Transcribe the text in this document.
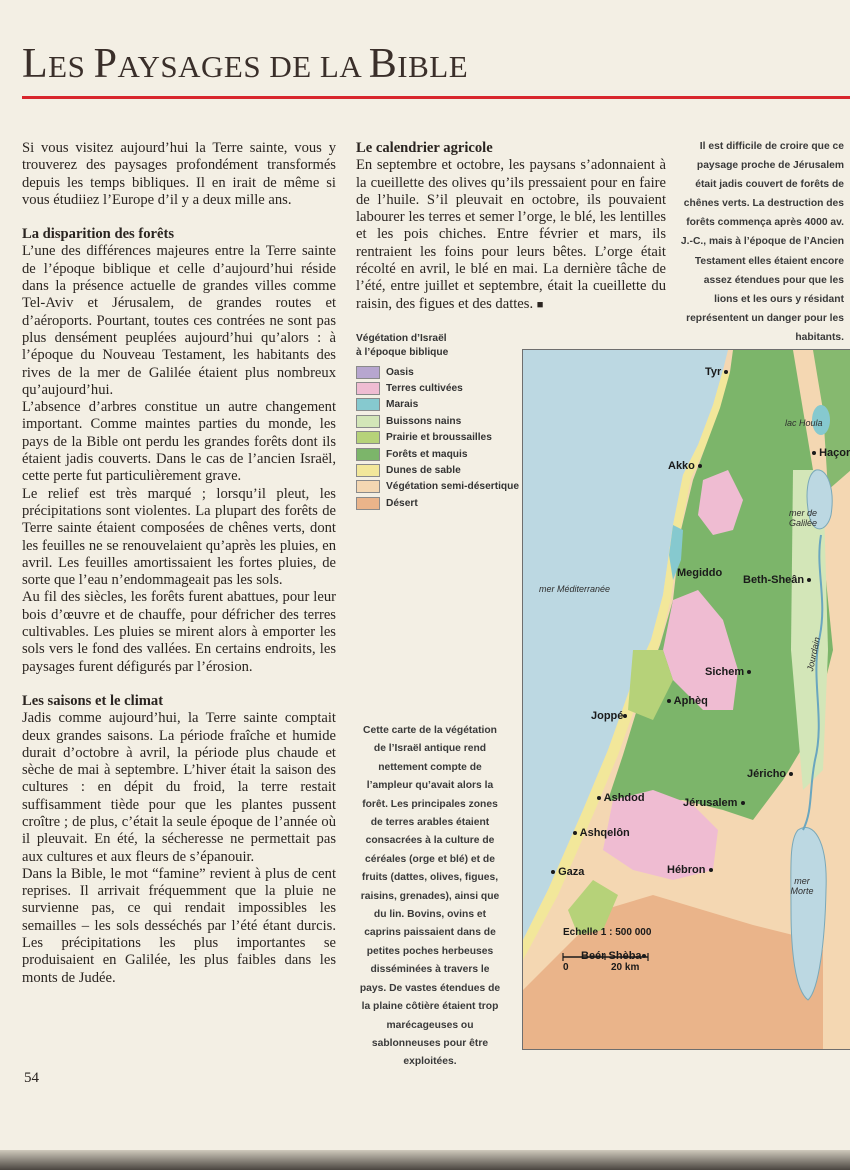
LES PAYSAGES DE LA BIBLE

Si vous visitez aujourd’hui la Terre sainte, vous y trouverez des paysages profondément transformés depuis les temps bibliques. Il en irait de même si vous étudiiez l’Europe d’il y a deux mille ans.

La disparition des forêts

L’une des différences majeures entre la Terre sainte de l’époque biblique et celle d’aujourd’hui réside dans la présence actuelle de grandes villes comme Tel-Aviv et Jérusalem, de grandes routes et d’aéroports. Pourtant, toutes ces contrées ne sont pas plus densément peuplées aujourd’hui qu’alors : à l’époque du Nouveau Testament, les habitants des rives de la mer de Galilée étaient plus nombreux qu’aujourd’hui.

L’absence d’arbres constitue un autre changement important. Comme maintes parties du monde, les pays de la Bible ont perdu les grandes forêts dont ils étaient jadis couverts. Dans le cas de l’ancien Israël, cette perte fut particulièrement grave.

Le relief est très marqué ; lorsqu’il pleut, les précipitations sont violentes. La plupart des forêts de Terre sainte étaient composées de chênes verts, dont les feuilles ne se renouvelaient qu’après les pluies, en avril. Les feuilles amortissaient les fortes pluies, de sorte que l’eau n’endommageait pas les sols.

Au fil des siècles, les forêts furent abattues, pour leur bois d’œuvre et de chauffe, pour défricher des terres cultivables. Les pluies se mirent alors à emporter les sols vers le fond des vallées. En certains endroits, les paysages furent défigurés par l’érosion.

Les saisons et le climat

Jadis comme aujourd’hui, la Terre sainte comptait deux grandes saisons. La période fraîche et humide durait d’octobre à avril, la période plus chaude et sèche de mai à septembre. L’hiver était la saison des cultures : en dépit du froid, la terre restait suffisamment tiède pour que les plantes pussent croître ; de plus, c’était la seule époque de l’année où il pleuvait. En été, la sécheresse ne permettait pas aux cultures et aux fleurs de s’épanouir.

Dans la Bible, le mot “famine” revient à plus de cent reprises. Il arrivait fréquemment que la pluie ne survienne pas, ce qui rendait impossibles les semailles – les sols desséchés par l’été étant durcis. Les précipitations les plus importantes se produisaient en Galilée, les plus faibles dans les monts de Judée.

Le calendrier agricole

En septembre et octobre, les paysans s’adonnaient à la cueillette des olives qu’ils pressaient pour en faire de l’huile. S’il pleuvait en octobre, ils pouvaient labourer les terres et semer l’orge, le blé, les lentilles et les pois chiches. Entre février et mars, ils rentraient les foins pour leurs bêtes. L’orge était récolté en avril, le blé en mai. La dernière tâche de l’été, entre juillet et septembre, était la cueillette du raisin, des figues et des dattes. ■

Il est difficile de croire que ce paysage proche de Jérusalem était jadis couvert de forêts de chênes verts. La destruction des forêts commença après 4000 av. J.-C., mais à l’époque de l’Ancien Testament elles étaient encore assez étendues pour que les lions et les ours y résidant représentent un danger pour les habitants.
Végétation d’Israël
à l’époque biblique
Oasis
Terres cultivées
Marais
Buissons nains
Prairie et broussailles
Forêts et maquis
Dunes de sable
Végétation semi-désertique
Désert
Cette carte de la végétation de l’Israël antique rend nettement compte de l’ampleur qu’avait alors la forêt. Les principales zones de terres arables étaient consacrées à la culture de céréales (orge et blé) et de fruits (dattes, olives, figues, raisins, grenades), ainsi que du lin. Bovins, ovins et caprins paissaient dans de petites poches herbeuses disséminées à travers le pays. De vastes étendues de la plaine côtière étaient trop marécageuses ou sablonneuses pour être exploitées.
lac Houla
mer de
Galilée
mer Méditerranée
Jourdain
mer
Morte
Tyr
Akko
Haçor
Megiddo
Beth-Sheân
Sichem
Aphèq
Joppé
Jéricho
Ashdod	Jérusalem
Ashqelôn
Hébron
Gaza
Beér Shèba
Echelle 1 : 500 000
0	20 km
54
